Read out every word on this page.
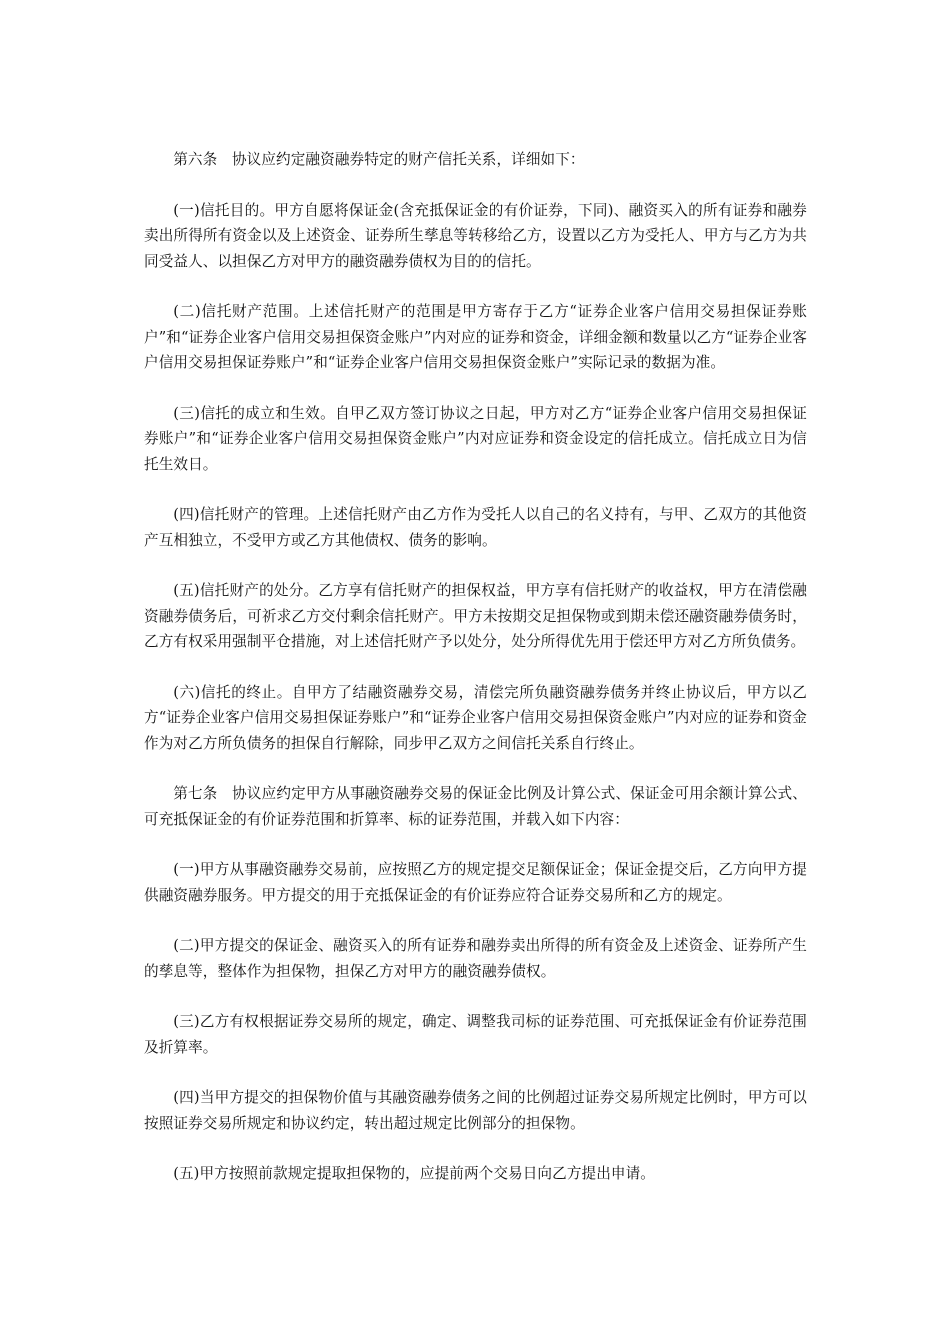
第六条　协议应约定融资融券特定的财产信托关系，详细如下：

(一)信托目的。甲方自愿将保证金(含充抵保证金的有价证券，下同)、融资买入的所有证券和融券卖出所得所有资金以及上述资金、证券所生孳息等转移给乙方，设置以乙方为受托人、甲方与乙方为共同受益人、以担保乙方对甲方的融资融券债权为目的的信托。

(二)信托财产范围。上述信托财产的范围是甲方寄存于乙方“证券企业客户信用交易担保证券账户”和“证券企业客户信用交易担保资金账户”内对应的证券和资金，详细金额和数量以乙方“证券企业客户信用交易担保证券账户”和“证券企业客户信用交易担保资金账户”实际记录的数据为准。

(三)信托的成立和生效。自甲乙双方签订协议之日起，甲方对乙方“证券企业客户信用交易担保证券账户”和“证券企业客户信用交易担保资金账户”内对应证券和资金设定的信托成立。信托成立日为信托生效日。

(四)信托财产的管理。上述信托财产由乙方作为受托人以自己的名义持有，与甲、乙双方的其他资产互相独立，不受甲方或乙方其他债权、债务的影响。

(五)信托财产的处分。乙方享有信托财产的担保权益，甲方享有信托财产的收益权，甲方在清偿融资融券债务后，可祈求乙方交付剩余信托财产。甲方未按期交足担保物或到期未偿还融资融券债务时，乙方有权采用强制平仓措施，对上述信托财产予以处分，处分所得优先用于偿还甲方对乙方所负债务。

(六)信托的终止。自甲方了结融资融券交易，清偿完所负融资融券债务并终止协议后，甲方以乙方“证券企业客户信用交易担保证券账户”和“证券企业客户信用交易担保资金账户”内对应的证券和资金作为对乙方所负债务的担保自行解除，同步甲乙双方之间信托关系自行终止。

第七条　协议应约定甲方从事融资融券交易的保证金比例及计算公式、保证金可用余额计算公式、可充抵保证金的有价证券范围和折算率、标的证券范围，并载入如下内容：

(一)甲方从事融资融券交易前，应按照乙方的规定提交足额保证金；保证金提交后，乙方向甲方提供融资融券服务。甲方提交的用于充抵保证金的有价证券应符合证券交易所和乙方的规定。

(二)甲方提交的保证金、融资买入的所有证券和融券卖出所得的所有资金及上述资金、证券所产生的孳息等，整体作为担保物，担保乙方对甲方的融资融券债权。

(三)乙方有权根据证券交易所的规定，确定、调整我司标的证券范围、可充抵保证金有价证券范围及折算率。

(四)当甲方提交的担保物价值与其融资融券债务之间的比例超过证券交易所规定比例时，甲方可以按照证券交易所规定和协议约定，转出超过规定比例部分的担保物。

(五)甲方按照前款规定提取担保物的，应提前两个交易日向乙方提出申请。
